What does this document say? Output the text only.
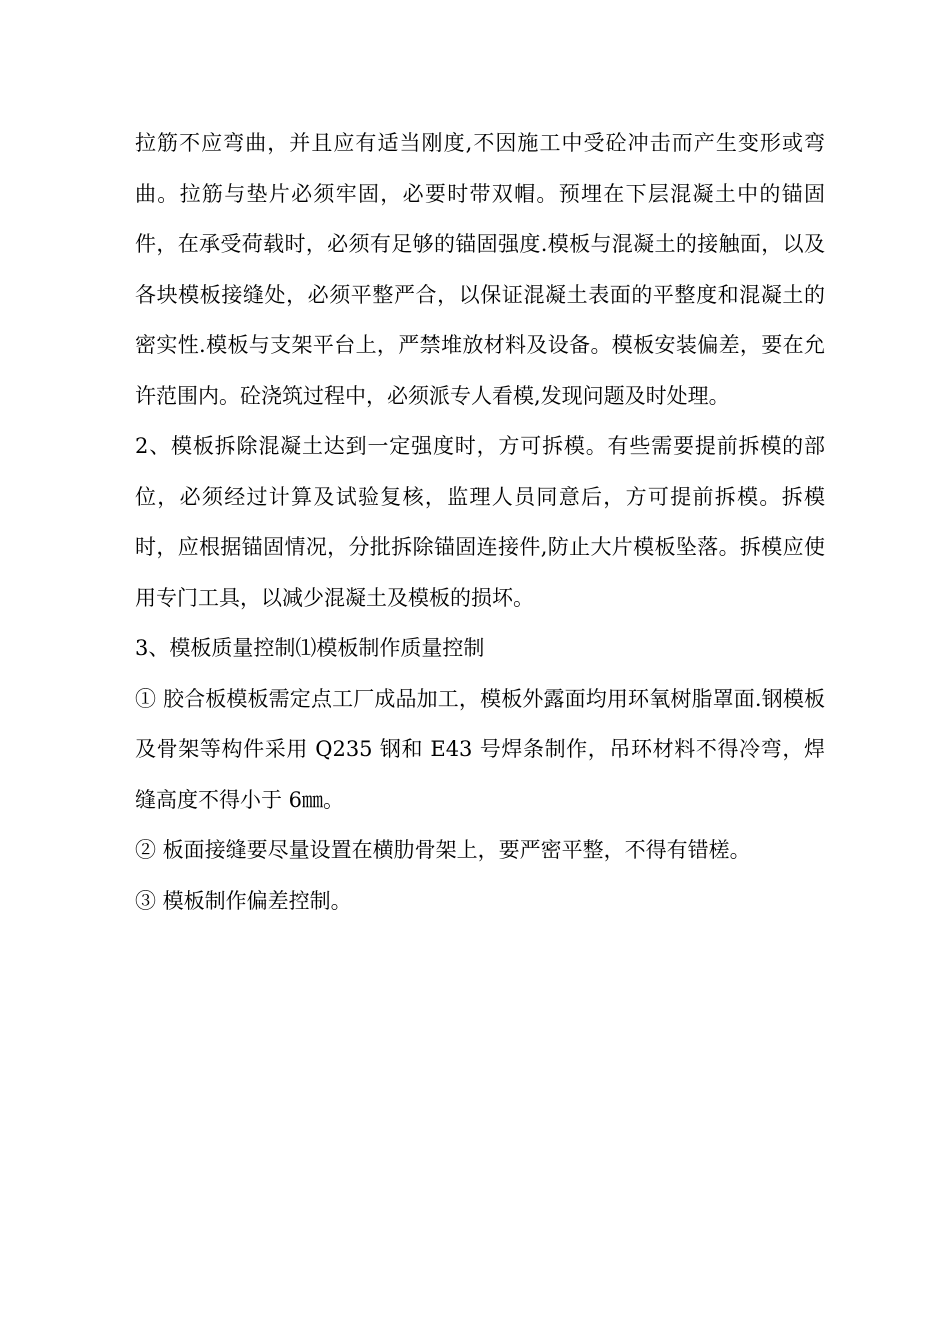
拉筋不应弯曲，并且应有适当刚度,不因施工中受砼冲击而产生变形或弯曲。拉筋与垫片必须牢固，必要时带双帽。预埋在下层混凝土中的锚固件，在承受荷载时，必须有足够的锚固强度.模板与混凝土的接触面，以及各块模板接缝处，必须平整严合，以保证混凝土表面的平整度和混凝土的密实性.模板与支架平台上，严禁堆放材料及设备。模板安装偏差，要在允许范围内。砼浇筑过程中，必须派专人看模,发现问题及时处理。

2、模板拆除混凝土达到一定强度时，方可拆模。有些需要提前拆模的部位，必须经过计算及试验复核，监理人员同意后，方可提前拆模。拆模时，应根据锚固情况，分批拆除锚固连接件,防止大片模板坠落。拆模应使用专门工具，以减少混凝土及模板的损坏。

3、模板质量控制⑴模板制作质量控制

① 胶合板模板需定点工厂成品加工，模板外露面均用环氧树脂罩面.钢模板及骨架等构件采用 Q235 钢和 E43 号焊条制作，吊环材料不得冷弯，焊缝高度不得小于 6㎜。

② 板面接缝要尽量设置在横肋骨架上，要严密平整，不得有错槎。

③ 模板制作偏差控制。
